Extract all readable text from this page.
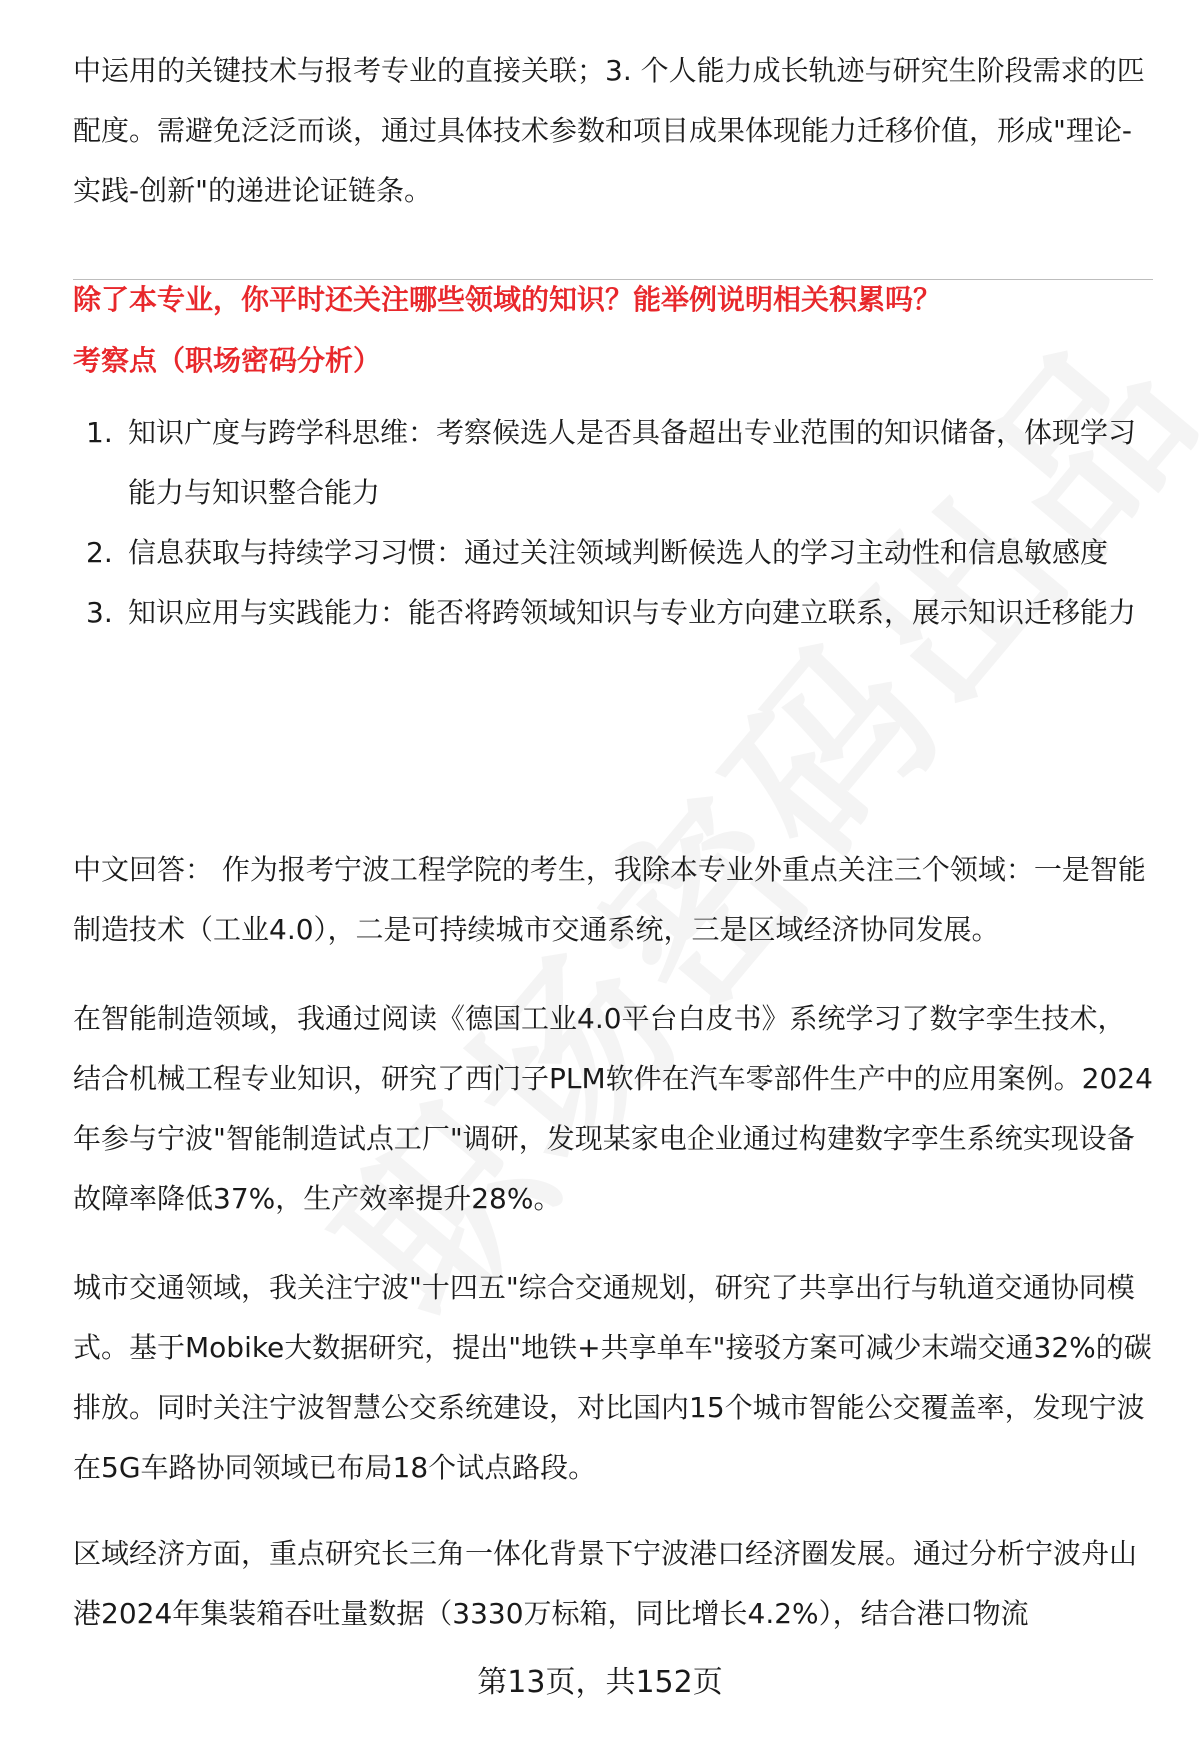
中运用的关键技术与报考专业的直接关联；3. 个人能力成长轨迹与研究生阶段需求的匹配度。需避免泛泛而谈，通过具体技术参数和项目成果体现能力迁移价值，形成"理论-实践-创新"的递进论证链条。

除了本专业，你平时还关注哪些领域的知识？能举例说明相关积累吗？

考察点（职场密码分析）

1. 知识广度与跨学科思维：考察候选人是否具备超出专业范围的知识储备，体现学习能力与知识整合能力
2. 信息获取与持续学习习惯：通过关注领域判断候选人的学习主动性和信息敏感度
3. 知识应用与实践能力：能否将跨领域知识与专业方向建立联系，展示知识迁移能力

中文回答： 作为报考宁波工程学院的考生，我除本专业外重点关注三个领域：一是智能制造技术（工业4.0），二是可持续城市交通系统，三是区域经济协同发展。

在智能制造领域，我通过阅读《德国工业4.0平台白皮书》系统学习了数字孪生技术，结合机械工程专业知识，研究了西门子PLM软件在汽车零部件生产中的应用案例。2024年参与宁波"智能制造试点工厂"调研，发现某家电企业通过构建数字孪生系统实现设备故障率降低37%，生产效率提升28%。

城市交通领域，我关注宁波"十四五"综合交通规划，研究了共享出行与轨道交通协同模式。基于Mobike大数据研究，提出"地铁+共享单车"接驳方案可减少末端交通32%的碳排放。同时关注宁波智慧公交系统建设，对比国内15个城市智能公交覆盖率，发现宁波在5G车路协同领域已布局18个试点路段。

区域经济方面，重点研究长三角一体化背景下宁波港口经济圈发展。通过分析宁波舟山港2024年集装箱吞吐量数据（3330万标箱，同比增长4.2%），结合港口物流

第13页，共152页
